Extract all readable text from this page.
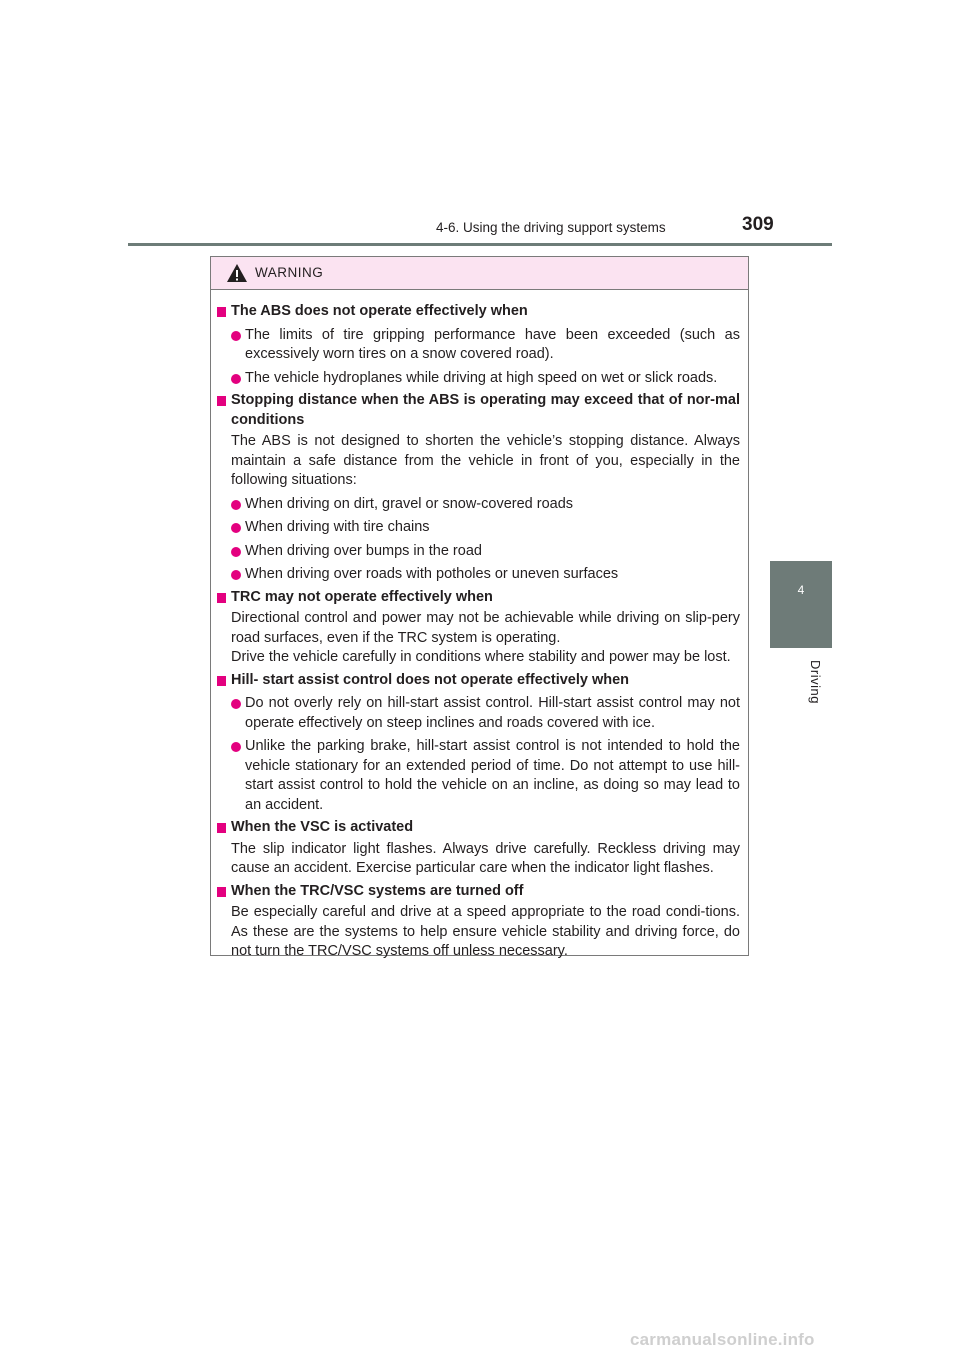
4-6. Using the driving support systems	309
4
Driving
WARNING
The ABS does not operate effectively when
The limits of tire gripping performance have been exceeded (such as excessively worn tires on a snow covered road).
The vehicle hydroplanes while driving at high speed on wet or slick roads.
Stopping distance when the ABS is operating may exceed that of nor-mal conditions
The ABS is not designed to shorten the vehicle’s stopping distance. Always maintain a safe distance from the vehicle in front of you, especially in the following situations:
When driving on dirt, gravel or snow-covered roads
When driving with tire chains
When driving over bumps in the road
When driving over roads with potholes or uneven surfaces
TRC may not operate effectively when
Directional control and power may not be achievable while driving on slip-pery road surfaces, even if the TRC system is operating.
Drive the vehicle carefully in conditions where stability and power may be lost.
Hill- start assist control does not operate effectively when
Do not overly rely on hill-start assist control. Hill-start assist control may not operate effectively on steep inclines and roads covered with ice.
Unlike the parking brake, hill-start assist control is not intended to hold the vehicle stationary for an extended period of time. Do not attempt to use hill-start assist control to hold the vehicle on an incline, as doing so may lead to an accident.
When the VSC is activated
The slip indicator light flashes. Always drive carefully. Reckless driving may cause an accident. Exercise particular care when the indicator light flashes.
When the TRC/VSC systems are turned off
Be especially careful and drive at a speed appropriate to the road condi-tions. As these are the systems to help ensure vehicle stability and driving force, do not turn the TRC/VSC systems off unless necessary.
carmanualsonline.info
